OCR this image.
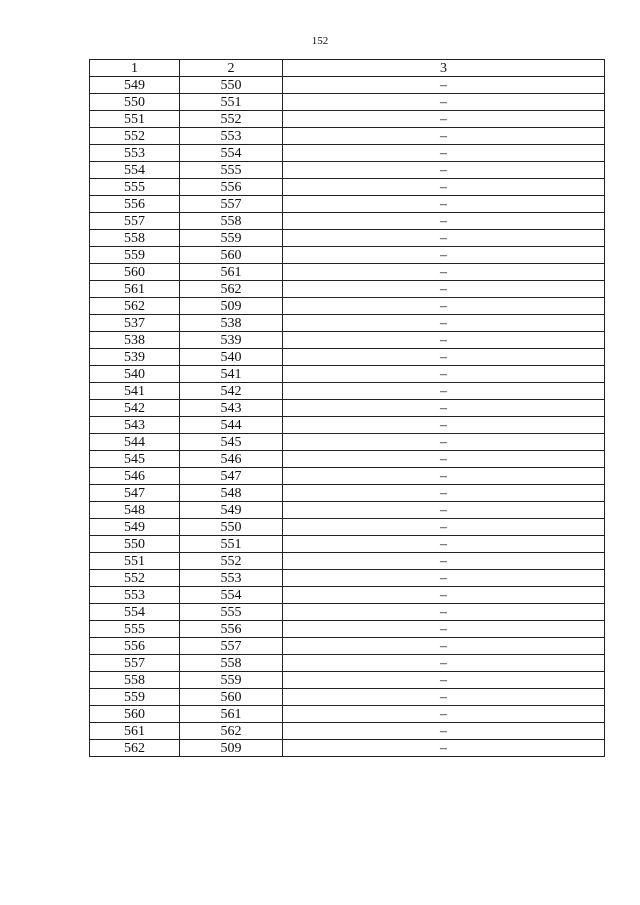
152
1	2	3
549	550	–
550	551	–
551	552	–
552	553	–
553	554	–
554	555	–
555	556	–
556	557	–
557	558	–
558	559	–
559	560	–
560	561	–
561	562	–
562	509	–
537	538	–
538	539	–
539	540	–
540	541	–
541	542	–
542	543	–
543	544	–
544	545	–
545	546	–
546	547	–
547	548	–
548	549	–
549	550	–
550	551	–
551	552	–
552	553	–
553	554	–
554	555	–
555	556	–
556	557	–
557	558	–
558	559	–
559	560	–
560	561	–
561	562	–
562	509	–
